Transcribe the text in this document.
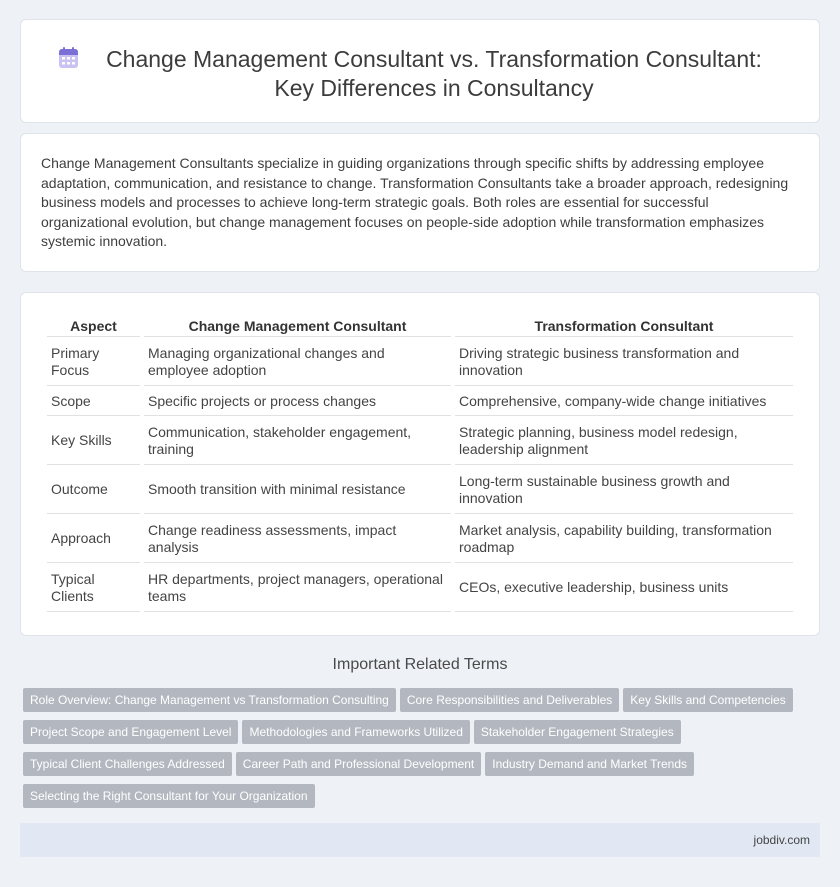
Change Management Consultant vs. Transformation Consultant: Key Differences in Consultancy

Change Management Consultants specialize in guiding organizations through specific shifts by addressing employee adaptation, communication, and resistance to change. Transformation Consultants take a broader approach, redesigning business models and processes to achieve long-term strategic goals. Both roles are essential for successful organizational evolution, but change management focuses on people-side adoption while transformation emphasizes systemic innovation.

Aspect	Change Management Consultant	Transformation Consultant
Primary Focus	Managing organizational changes and employee adoption	Driving strategic business transformation and innovation
Scope	Specific projects or process changes	Comprehensive, company-wide change initiatives
Key Skills	Communication, stakeholder engagement, training	Strategic planning, business model redesign, leadership alignment
Outcome	Smooth transition with minimal resistance	Long-term sustainable business growth and innovation
Approach	Change readiness assessments, impact analysis	Market analysis, capability building, transformation roadmap
Typical Clients	HR departments, project managers, operational teams	CEOs, executive leadership, business units
Important Related Terms
Role Overview: Change Management vs Transformation Consulting Core Responsibilities and Deliverables Key Skills and Competencies
Project Scope and Engagement Level Methodologies and Frameworks Utilized Stakeholder Engagement Strategies
Typical Client Challenges Addressed Career Path and Professional Development Industry Demand and Market Trends
Selecting the Right Consultant for Your Organization
jobdiv.com
